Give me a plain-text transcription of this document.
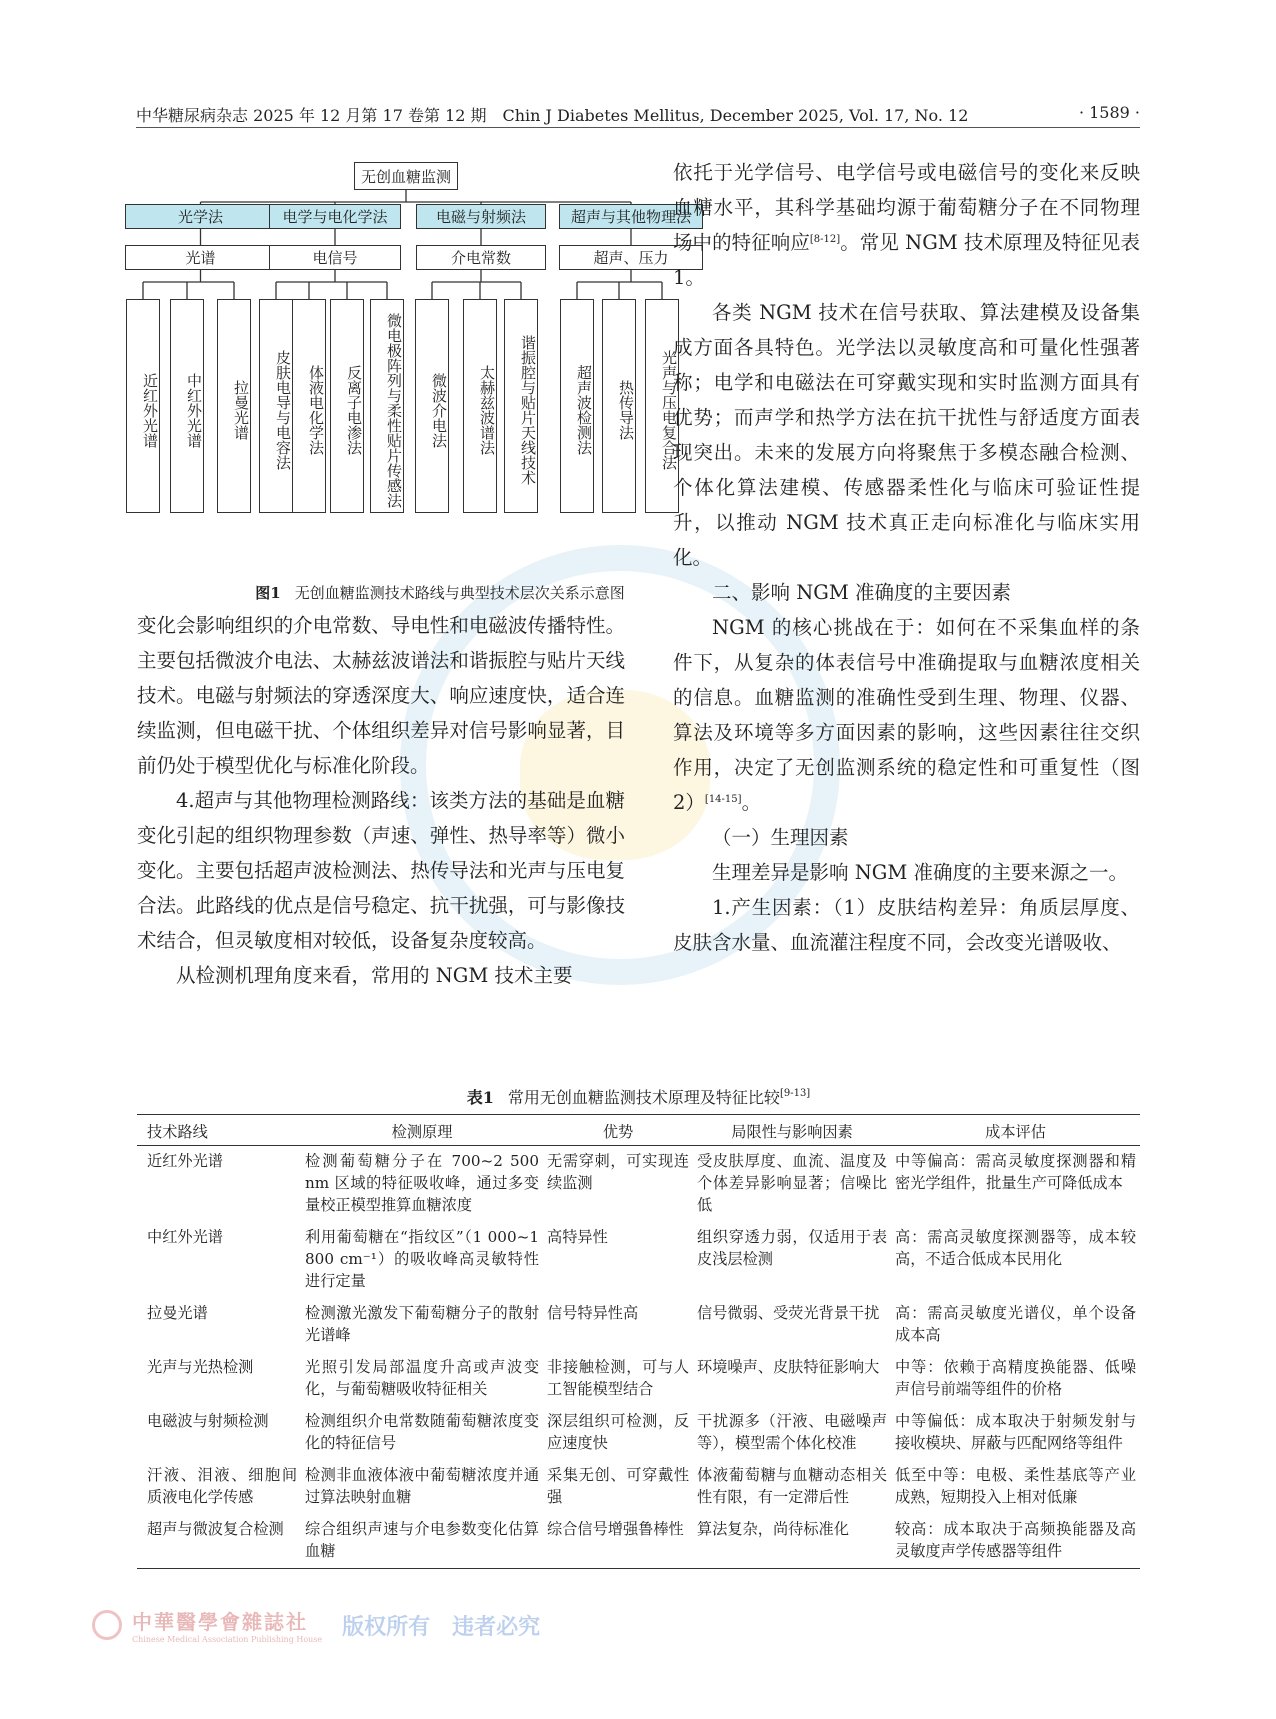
中华糖尿病杂志 2025 年 12 月第 17 卷第 12 期　Chin J Diabetes Mellitus, December 2025, Vol. 17, No. 12	· 1589 ·
无创血糖监测
光学法
光谱
近红外光谱	中红外光谱	拉曼光谱
电学与电化学法
电信号
皮肤电导与电容法	体液电化学法	反离子电渗法	微电极阵列与柔性贴片传感法
电磁与射频法
介电常数
微波介电法	太赫兹波谱法	谐振腔与贴片天线技术
超声与其他物理法
超声、压力
超声波检测法	热传导法	光声与压电复合法
图1 无创血糖监测技术路线与典型技术层次关系示意图

变化会影响组织的介电常数、导电性和电磁波传播特性。主要包括微波介电法、太赫兹波谱法和谐振腔与贴片天线技术。电磁与射频法的穿透深度大、响应速度快，适合连续监测，但电磁干扰、个体组织差异对信号影响显著，目前仍处于模型优化与标准化阶段。

4.超声与其他物理检测路线：该类方法的基础是血糖变化引起的组织物理参数（声速、弹性、热导率等）微小变化。主要包括超声波检测法、热传导法和光声与压电复合法。此路线的优点是信号稳定、抗干扰强，可与影像技术结合，但灵敏度相对较低，设备复杂度较高。

从检测机理角度来看，常用的 NGM 技术主要

依托于光学信号、电学信号或电磁信号的变化来反映血糖水平，其科学基础均源于葡萄糖分子在不同物理场中的特征响应[8-12]。常见 NGM 技术原理及特征见表1。

各类 NGM 技术在信号获取、算法建模及设备集成方面各具特色。光学法以灵敏度高和可量化性强著称；电学和电磁法在可穿戴实现和实时监测方面具有优势；而声学和热学方法在抗干扰性与舒适度方面表现突出。未来的发展方向将聚焦于多模态融合检测、个体化算法建模、传感器柔性化与临床可验证性提升，以推动 NGM 技术真正走向标准化与临床实用化。

二、影响 NGM 准确度的主要因素

NGM 的核心挑战在于：如何在不采集血样的条件下，从复杂的体表信号中准确提取与血糖浓度相关的信息。血糖监测的准确性受到生理、物理、仪器、算法及环境等多方面因素的影响，这些因素往往交织作用，决定了无创监测系统的稳定性和可重复性（图2）[14-15]。

（一）生理因素

生理差异是影响 NGM 准确度的主要来源之一。

1.产生因素：（1）皮肤结构差异：角质层厚度、皮肤含水量、血流灌注程度不同，会改变光谱吸收、

表1 常用无创血糖监测技术原理及特征比较[9-13]
技术路线	检测原理	优势	局限性与影响因素	成本评估
近红外光谱	检测葡萄糖分子在 700~2 500 nm 区域的特征吸收峰，通过多变量校正模型推算血糖浓度	无需穿刺，可实现连续监测	受皮肤厚度、血流、温度及个体差异影响显著；信噪比低	中等偏高：需高灵敏度探测器和精密光学组件，批量生产可降低成本
中红外光谱	利用葡萄糖在“指纹区”（1 000~1 800 cm⁻¹）的吸收峰高灵敏特性进行定量	高特异性	组织穿透力弱，仅适用于表皮浅层检测	高：需高灵敏度探测器等，成本较高，不适合低成本民用化
拉曼光谱	检测激光激发下葡萄糖分子的散射光谱峰	信号特异性高	信号微弱、受荧光背景干扰	高：需高灵敏度光谱仪，单个设备成本高
光声与光热检测	光照引发局部温度升高或声波变化，与葡萄糖吸收特征相关	非接触检测，可与人工智能模型结合	环境噪声、皮肤特征影响大	中等：依赖于高精度换能器、低噪声信号前端等组件的价格
电磁波与射频检测	检测组织介电常数随葡萄糖浓度变化的特征信号	深层组织可检测，反应速度快	干扰源多（汗液、电磁噪声等），模型需个体化校准	中等偏低：成本取决于射频发射与接收模块、屏蔽与匹配网络等组件
汗液、泪液、细胞间质液电化学传感	检测非血液体液中葡萄糖浓度并通过算法映射血糖	采集无创、可穿戴性强	体液葡萄糖与血糖动态相关性有限，有一定滞后性	低至中等：电极、柔性基底等产业成熟，短期投入上相对低廉
超声与微波复合检测	综合组织声速与介电参数变化估算血糖	综合信号增强鲁棒性	算法复杂，尚待标准化	较高：成本取决于高频换能器及高灵敏度声学传感器等组件
中華醫學會雜誌社
Chinese Medical Association Publishing House 版权所有　违者必究
